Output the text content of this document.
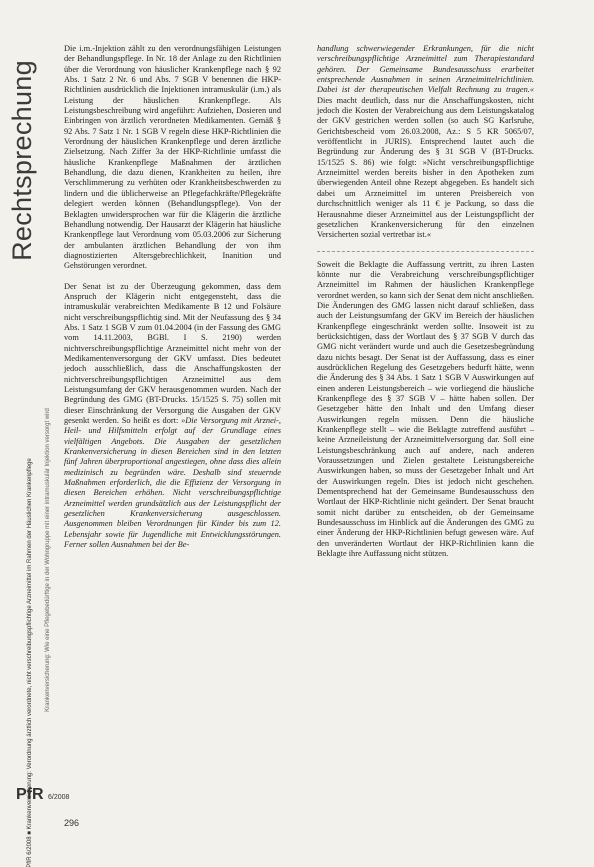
Rechtsprechung
Krankenversicherung: Wie eine Pflegebedürftige in der Wohngruppe mit einer intramuskulär Injektion versorgt wird
PflR 6/2008 ■ Krankenversicherung: Verordnung ärztlich verordnete, nicht verschreibungspflichtige Arzneimittel im Rahmen der Häuslichen Krankenpflege
PfR 6/2008
296

Die i.m.-Injektion zählt zu den verordnungsfähigen Leistungen der Behandlungspflege. In Nr. 18 der Anlage zu den Richtlinien über die Verordnung von häuslicher Krankenpflege nach § 92 Abs. 1 Satz 2 Nr. 6 und Abs. 7 SGB V benennen die HKP-Richtlinien ausdrücklich die Injektionen intramuskulär (i.m.) als Leistung der häuslichen Krankenpflege. Als Leistungsbeschreibung wird angeführt: Aufziehen, Dosieren und Einbringen von ärztlich verordneten Medikamenten. Gemäß § 92 Abs. 7 Satz 1 Nr. 1 SGB V regeln diese HKP-Richtlinien die Verordnung der häuslichen Krankenpflege und deren ärztliche Zielsetzung. Nach Ziffer 3a der HKP-Richtlinie umfasst die häusliche Krankenpflege Maßnahmen der ärztlichen Behandlung, die dazu dienen, Krankheiten zu heilen, ihre Verschlimmerung zu verhüten oder Krankheitsbeschwerden zu lindern und die üblicherweise an Pflegefachkräfte/Pflegekräfte delegiert werden können (Behandlungspflege). Von der Beklagten unwidersprochen war für die Klägerin die ärztliche Behandlung notwendig. Der Hausarzt der Klägerin hat häusliche Krankenpflege laut Verordnung vom 05.03.2006 zur Sicherung der ambulanten ärztlichen Behandlung der von ihm diagnostizierten Altersgebrechlichkeit, Inanition und Gehstörungen verordnet.

Der Senat ist zu der Überzeugung gekommen, dass dem Anspruch der Klägerin nicht entgegensteht, dass die intramuskulär verabreichten Medikamente B 12 und Folsäure nicht verschreibungspflichtig sind. Mit der Neufassung des § 34 Abs. 1 Satz 1 SGB V zum 01.04.2004 (in der Fassung des GMG vom 14.11.2003, BGBl. I S. 2190) werden nichtverschreibungspflichtige Arzneimittel nicht mehr von der Medikamentenversorgung der GKV umfasst. Dies bedeutet jedoch ausschließlich, dass die Anschaffungskosten der nichtverschreibungspflichtigen Arzneimittel aus dem Leistungsumfang der GKV herausgenommen wurden. Nach der Begründung des GMG (BT-Drucks. 15/1525 S. 75) sollen mit dieser Einschränkung der Versorgung die Ausgaben der GKV gesenkt werden. So heißt es dort: »Die Versorgung mit Arznei-, Heil- und Hilfsmitteln erfolgt auf der Grundlage eines vielfältigen Angebots. Die Ausgaben der gesetzlichen Krankenversicherung in diesen Bereichen sind in den letzten fünf Jahren überproportional angestiegen, ohne dass dies allein medizinisch zu begründen wäre. Deshalb sind steuernde Maßnahmen erforderlich, die die Effizienz der Versorgung in diesen Bereichen erhöhen. Nicht verschreibungspflichtige Arzneimittel werden grundsätzlich aus der Leistungspflicht der gesetzlichen Krankenversicherung ausgeschlossen. Ausgenommen bleiben Verordnungen für Kinder bis zum 12. Lebensjahr sowie für Jugendliche mit Entwicklungsstörungen. Ferner sollen Ausnahmen bei der Be-

handlung schwerwiegender Erkrankungen, für die nicht verschreibungspflichtige Arzneimittel zum Therapiestandard gehören. Der Gemeinsame Bundesausschuss erarbeitet entsprechende Ausnahmen in seinen Arzneimittelrichtlinien. Dabei ist der therapeutischen Vielfalt Rechnung zu tragen.« Dies macht deutlich, dass nur die Anschaffungskosten, nicht jedoch die Kosten der Verabreichung aus dem Leistungskatalog der GKV gestrichen werden sollen (so auch SG Karlsruhe, Gerichtsbescheid vom 26.03.2008, Az.: S 5 KR 5065/07, veröffentlicht in JURIS). Entsprechend lautet auch die Begründung zur Änderung des § 31 SGB V (BT-Drucks. 15/1525 S. 86) wie folgt: »Nicht verschreibungspflichtige Arzneimittel werden bereits bisher in den Apotheken zum überwiegenden Anteil ohne Rezept abgegeben. Es handelt sich dabei um Arzneimittel im unteren Preisbereich von durchschnittlich weniger als 11 € je Packung, so dass die Herausnahme dieser Arzneimittel aus der Leistungspflicht der gesetzlichen Krankenversicherung für den einzelnen Versicherten sozial vertretbar ist.«

Soweit die Beklagte die Auffassung vertritt, zu ihren Lasten könnte nur die Verabreichung verschreibungspflichtiger Arzneimittel im Rahmen der häuslichen Krankenpflege verordnet werden, so kann sich der Senat dem nicht anschließen. Die Änderungen des GMG lassen nicht darauf schließen, dass auch der Leistungsumfang der GKV im Bereich der häuslichen Krankenpflege eingeschränkt werden sollte. Insoweit ist zu berücksichtigen, dass der Wortlaut des § 37 SGB V durch das GMG nicht verändert wurde und auch die Gesetzesbegründung dazu nichts besagt. Der Senat ist der Auffassung, dass es einer ausdrücklichen Regelung des Gesetzgebers bedurft hätte, wenn die Änderung des § 34 Abs. 1 Satz 1 SGB V Auswirkungen auf einen anderen Leistungsbereich – wie vorliegend die häusliche Krankenpflege des § 37 SGB V – hätte haben sollen. Der Gesetzgeber hätte den Inhalt und den Umfang dieser Auswirkungen regeln müssen. Denn die häusliche Krankenpflege stellt – wie die Beklagte zutreffend ausführt – keine Arzneileistung der Arzneimittelversorgung dar. Soll eine Leistungsbeschränkung auch auf andere, nach anderen Voraussetzungen und Zielen gestaltete Leistungsbereiche Auswirkungen haben, so muss der Gesetzgeber Inhalt und Art der Auswirkungen regeln. Dies ist jedoch nicht geschehen. Dementsprechend hat der Gemeinsame Bundesausschuss den Wortlaut der HKP-Richtlinie nicht geändert. Der Senat braucht somit nicht darüber zu entscheiden, ob der Gemeinsame Bundesausschuss im Hinblick auf die Änderungen des GMG zu einer Änderung der HKP-Richtlinien befugt gewesen wäre. Auf den unveränderten Wortlaut der HKP-Richtlinien kann die Beklagte ihre Auffassung nicht stützen.
